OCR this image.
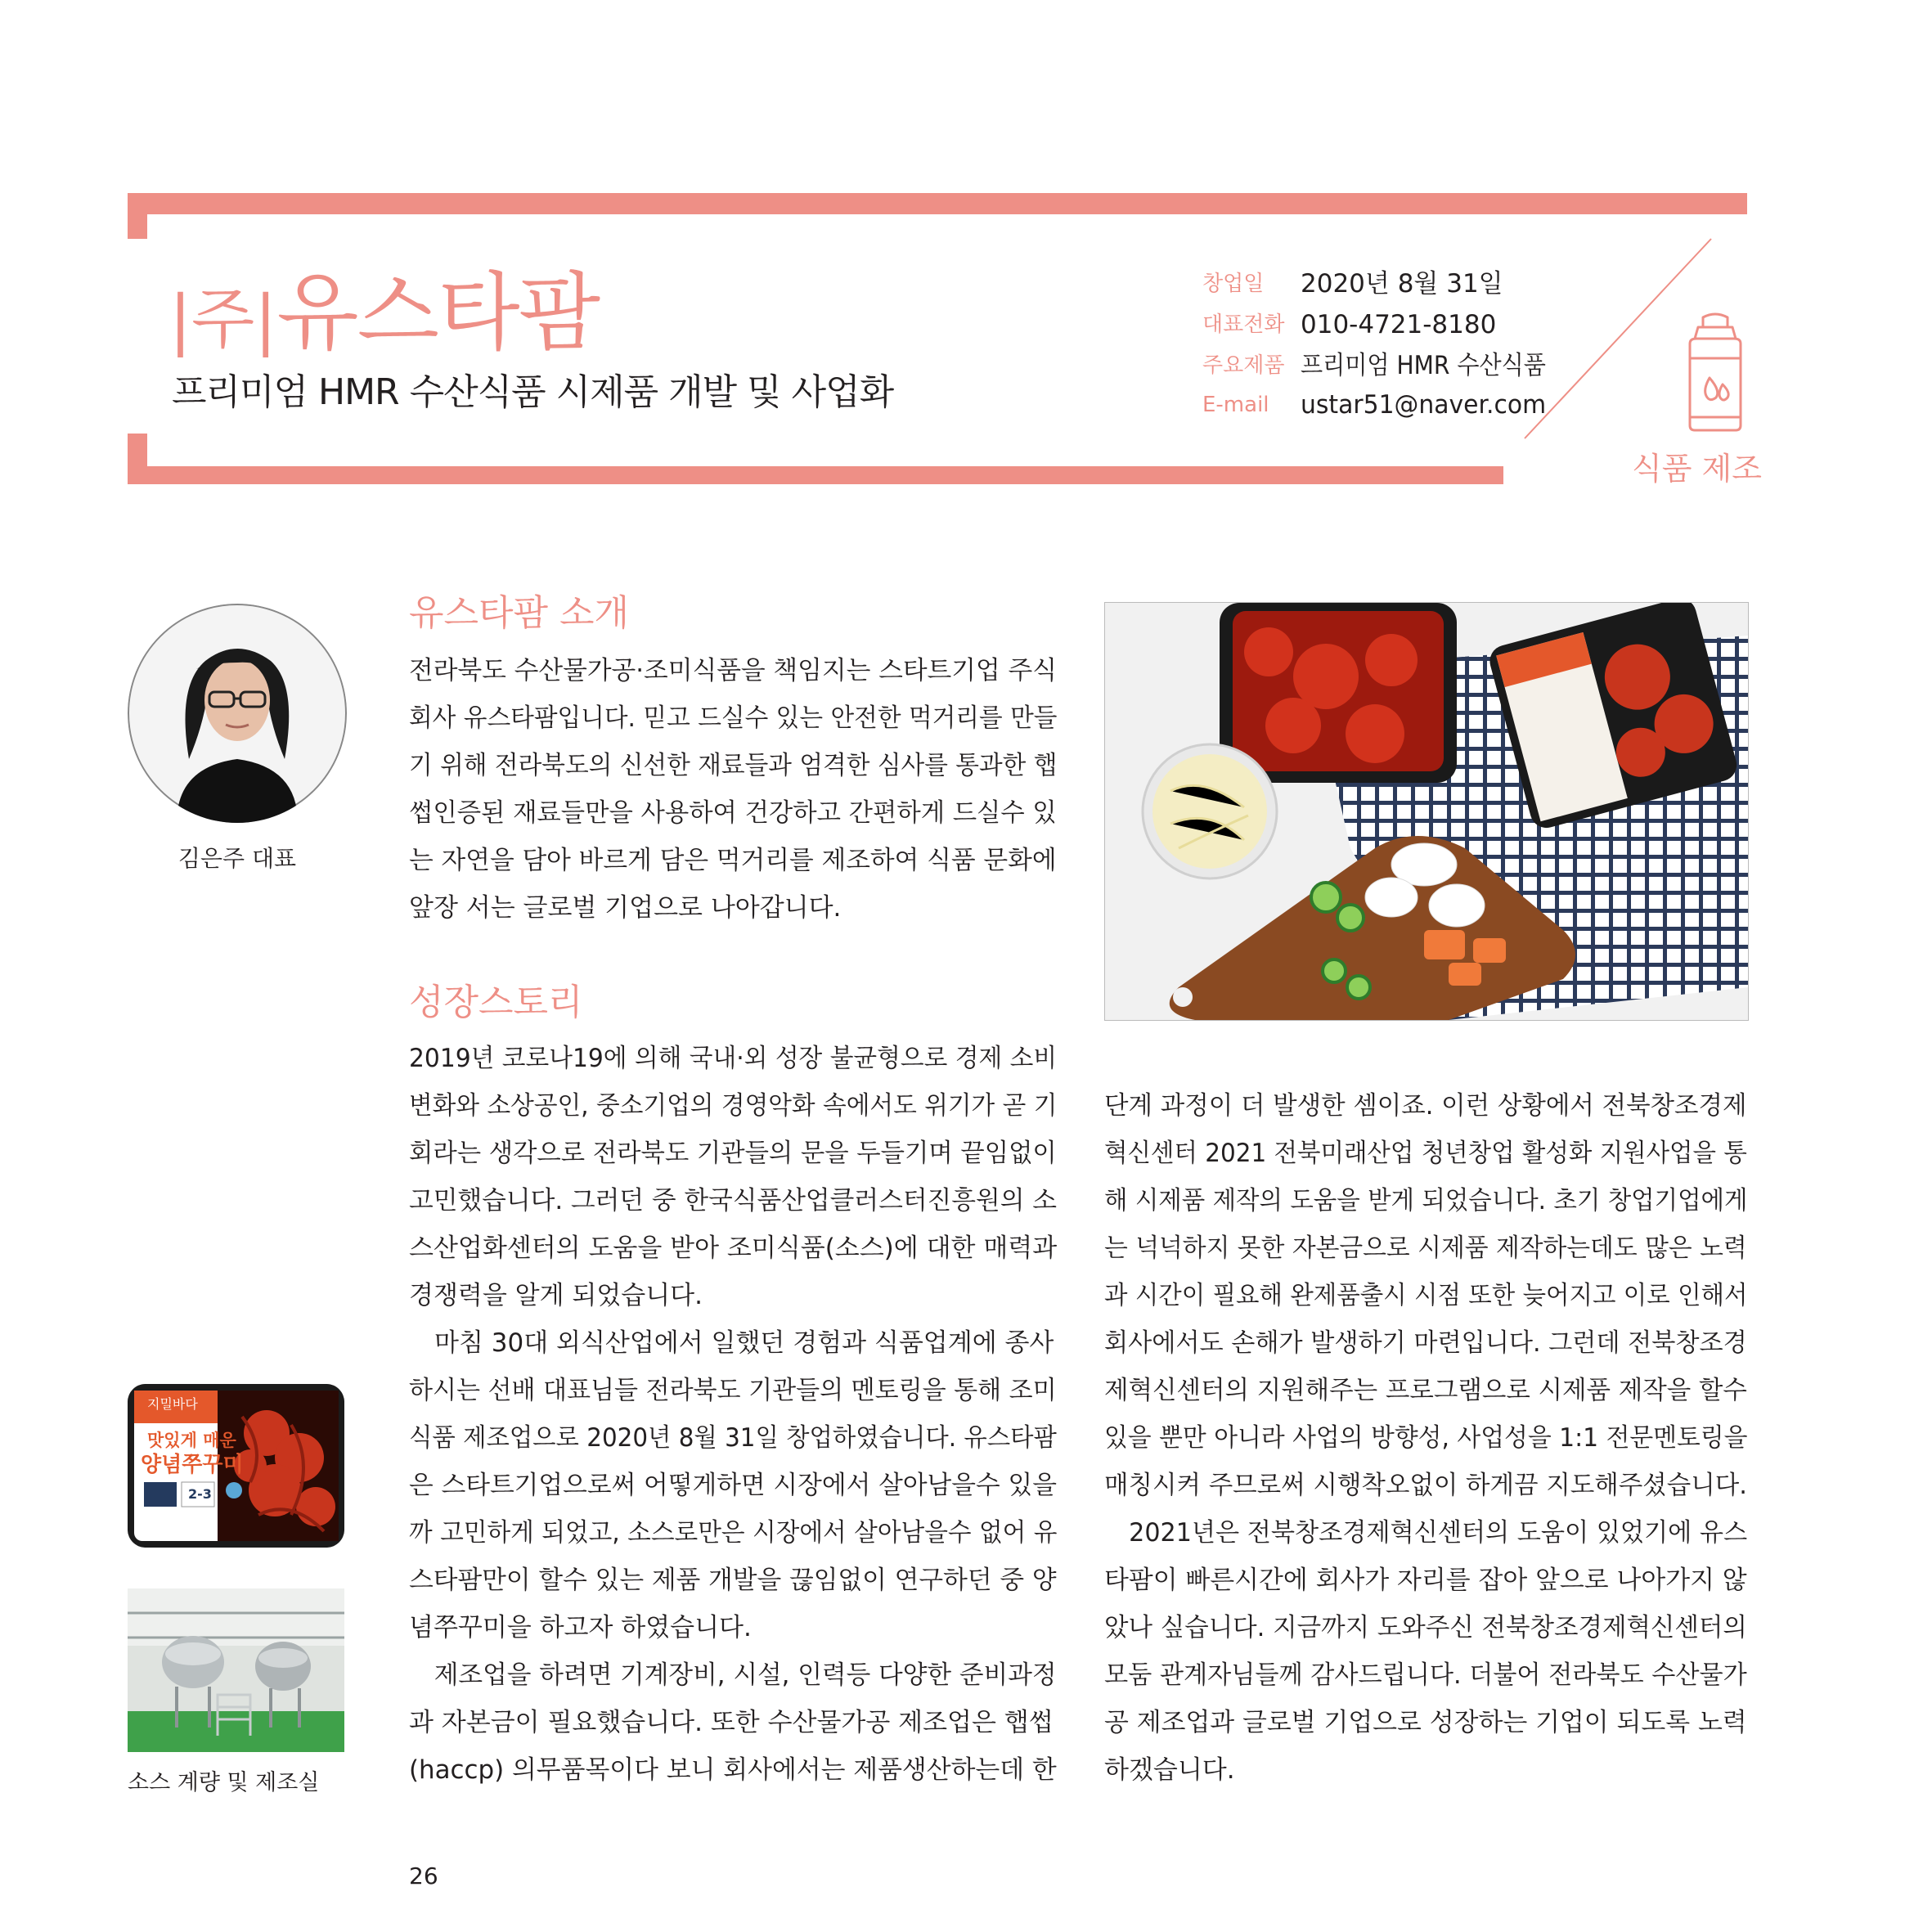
|주|유스타팜
프리미엄 HMR 수산식품 시제품 개발 및 사업화
창업일 2020년 8월 31일
대표전화 010-4721-8180
주요제품 프리미엄 HMR 수산식품
E-mail ustar51@naver.com
식품 제조
김은주 대표
지밀바다
맛있게 매운
양념쭈꾸미
2-3
소스 계량 및 제조실
유스타팜 소개
전라북도 수산물가공·조미식품을 책임지는 스타트기업 주식
회사 유스타팜입니다. 믿고 드실수 있는 안전한 먹거리를 만들
기 위해 전라북도의 신선한 재료들과 엄격한 심사를 통과한 햅
썹인증된 재료들만을 사용하여 건강하고 간편하게 드실수 있
는 자연을 담아 바르게 담은 먹거리를 제조하여 식품 문화에
앞장 서는 글로벌 기업으로 나아갑니다.
성장스토리
2019년 코로나19에 의해 국내·외 성장 불균형으로 경제 소비
변화와 소상공인, 중소기업의 경영악화 속에서도 위기가 곧 기
회라는 생각으로 전라북도 기관들의 문을 두들기며 끝임없이
고민했습니다. 그러던 중 한국식품산업클러스터진흥원의 소
스산업화센터의 도움을 받아 조미식품(소스)에 대한 매력과
경쟁력을 알게 되었습니다.
　마침 30대 외식산업에서 일했던 경험과 식품업계에 종사
하시는 선배 대표님들 전라북도 기관들의 멘토링을 통해 조미
식품 제조업으로 2020년 8월 31일 창업하였습니다. 유스타팜
은 스타트기업으로써 어떻게하면 시장에서 살아남을수 있을
까 고민하게 되었고, 소스로만은 시장에서 살아남을수 없어 유
스타팜만이 할수 있는 제품 개발을 끊임없이 연구하던 중 양
념쭈꾸미을 하고자 하였습니다.
　제조업을 하려면 기계장비, 시설, 인력등 다양한 준비과정
과 자본금이 필요했습니다. 또한 수산물가공 제조업은 햅썹
(haccp) 의무품목이다 보니 회사에서는 제품생산하는데 한
단계 과정이 더 발생한 셈이죠. 이런 상황에서 전북창조경제
혁신센터 2021 전북미래산업 청년창업 활성화 지원사업을 통
해 시제품 제작의 도움을 받게 되었습니다. 초기 창업기업에게
는 넉넉하지 못한 자본금으로 시제품 제작하는데도 많은 노력
과 시간이 필요해 완제품출시 시점 또한 늦어지고 이로 인해서
회사에서도 손해가 발생하기 마련입니다. 그런데 전북창조경
제혁신센터의 지원해주는 프로그램으로 시제품 제작을 할수
있을 뿐만 아니라 사업의 방향성, 사업성을 1:1 전문멘토링을
매칭시켜 주므로써 시행착오없이 하게끔 지도해주셨습니다.
　2021년은 전북창조경제혁신센터의 도움이 있었기에 유스
타팜이 빠른시간에 회사가 자리를 잡아 앞으로 나아가지 않
았나 싶습니다. 지금까지 도와주신 전북창조경제혁신센터의
모둠 관계자님들께 감사드립니다. 더불어 전라북도 수산물가
공 제조업과 글로벌 기업으로 성장하는 기업이 되도록 노력
하겠습니다.
26
